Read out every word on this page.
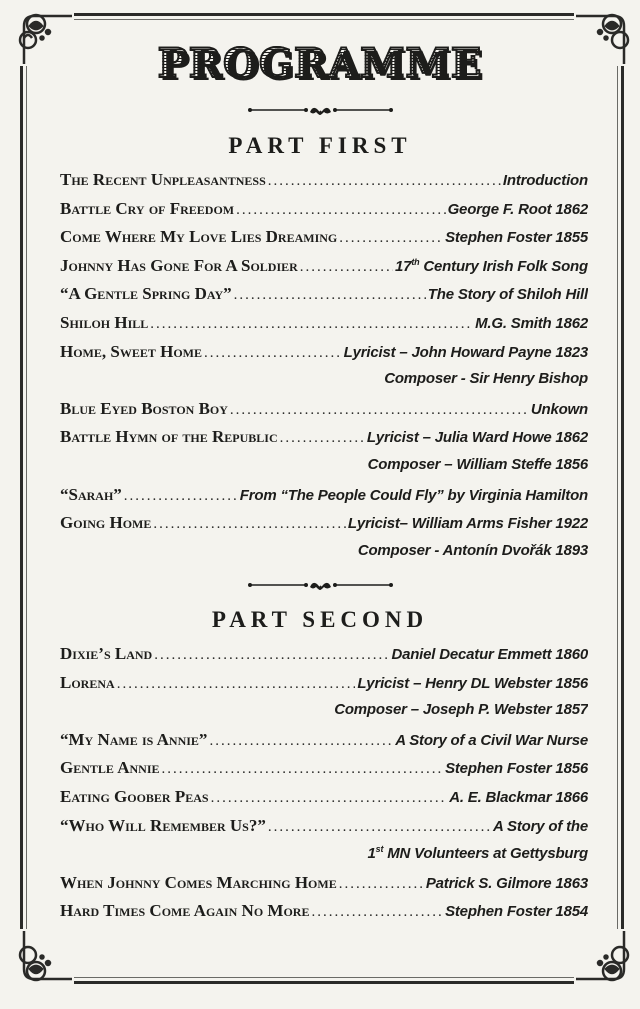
PROGRAMME
PART FIRST
The Recent Unpleasantness .....	Introduction
Battle Cry of Freedom .....	George F. Root 1862
Come Where My Love Lies Dreaming .....	Stephen Foster 1855
Johnny Has Gone For A Soldier .....	17th Century Irish Folk Song
“A Gentle Spring Day” .....	The Story of Shiloh Hill
Shiloh Hill .....	M.G. Smith 1862
Home, Sweet Home .....	Lyricist – John Howard Payne 1823
Composer - Sir Henry Bishop
Blue Eyed Boston Boy .....	Unkown
Battle Hymn of the Republic .....	Lyricist – Julia Ward Howe 1862
Composer – William Steffe 1856
“Sarah” .....	From “The People Could Fly” by Virginia Hamilton
Going Home .....	Lyricist– William Arms Fisher 1922
Composer - Antonín Dvořák 1893
PART SECOND
Dixie’s Land .....	Daniel Decatur Emmett 1860
Lorena .....	Lyricist – Henry DL Webster 1856
Composer – Joseph P. Webster 1857
“My Name is Annie” .....	A Story of a Civil War Nurse
Gentle Annie .....	Stephen Foster 1856
Eating Goober Peas .....	A. E. Blackmar 1866
“Who Will Remember Us?” .....	A Story of the
1st MN Volunteers at Gettysburg
When Johnny Comes Marching Home .....	Patrick S. Gilmore 1863
Hard Times Come Again No More .....	Stephen Foster 1854
